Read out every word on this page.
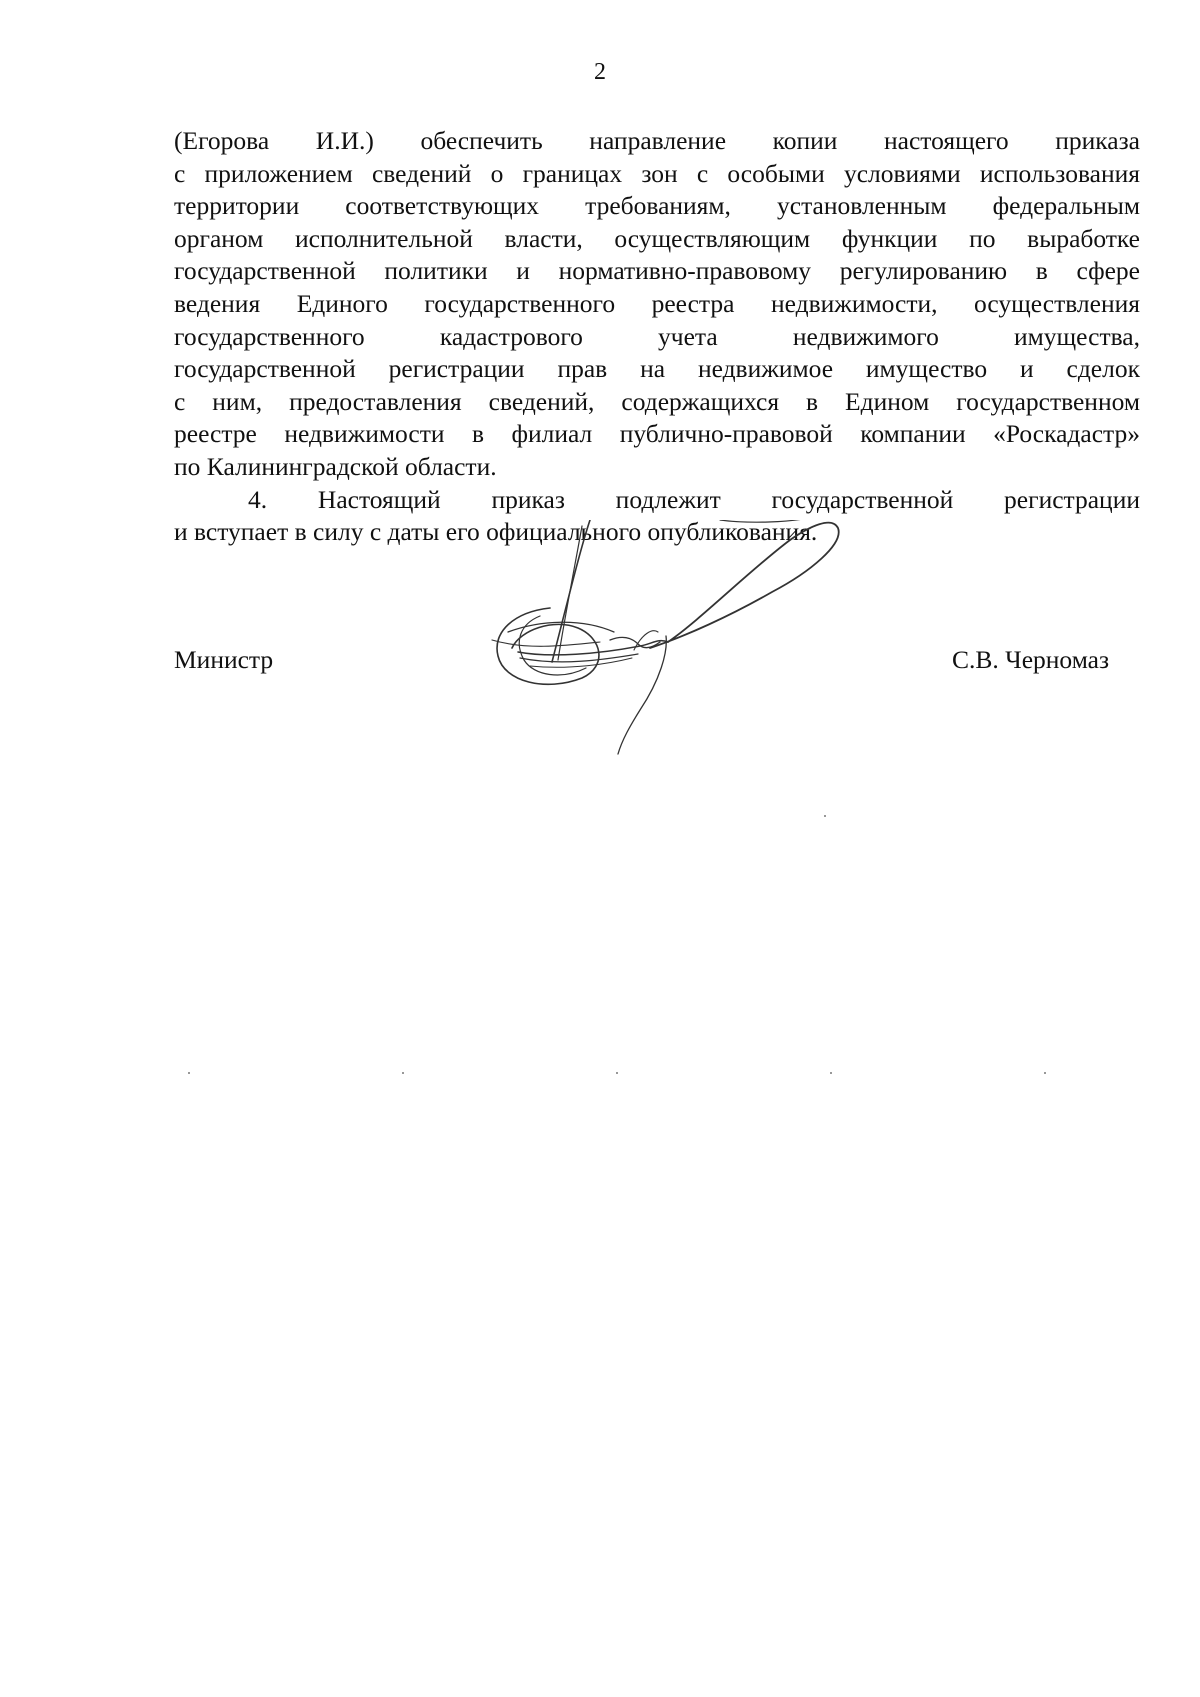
2
(Егорова И.И.) обеспечить направление копии настоящего приказа
с приложением сведений о границах зон с особыми условиями использования
территории соответствующих требованиям, установленным федеральным
органом исполнительной власти, осуществляющим функции по выработке
государственной политики и нормативно-правовому регулированию в сфере
ведения Единого государственного реестра недвижимости, осуществления
государственного кадастрового учета недвижимого имущества,
государственной регистрации прав на недвижимое имущество и сделок
с ним, предоставления сведений, содержащихся в Едином государственном
реестре недвижимости в филиал публично-правовой компании «Роскадастр»
по Калининградской области.
4. Настоящий приказ подлежит государственной регистрации
и вступает в силу с даты его официального опубликования.
Министр	С.В. Черномаз
